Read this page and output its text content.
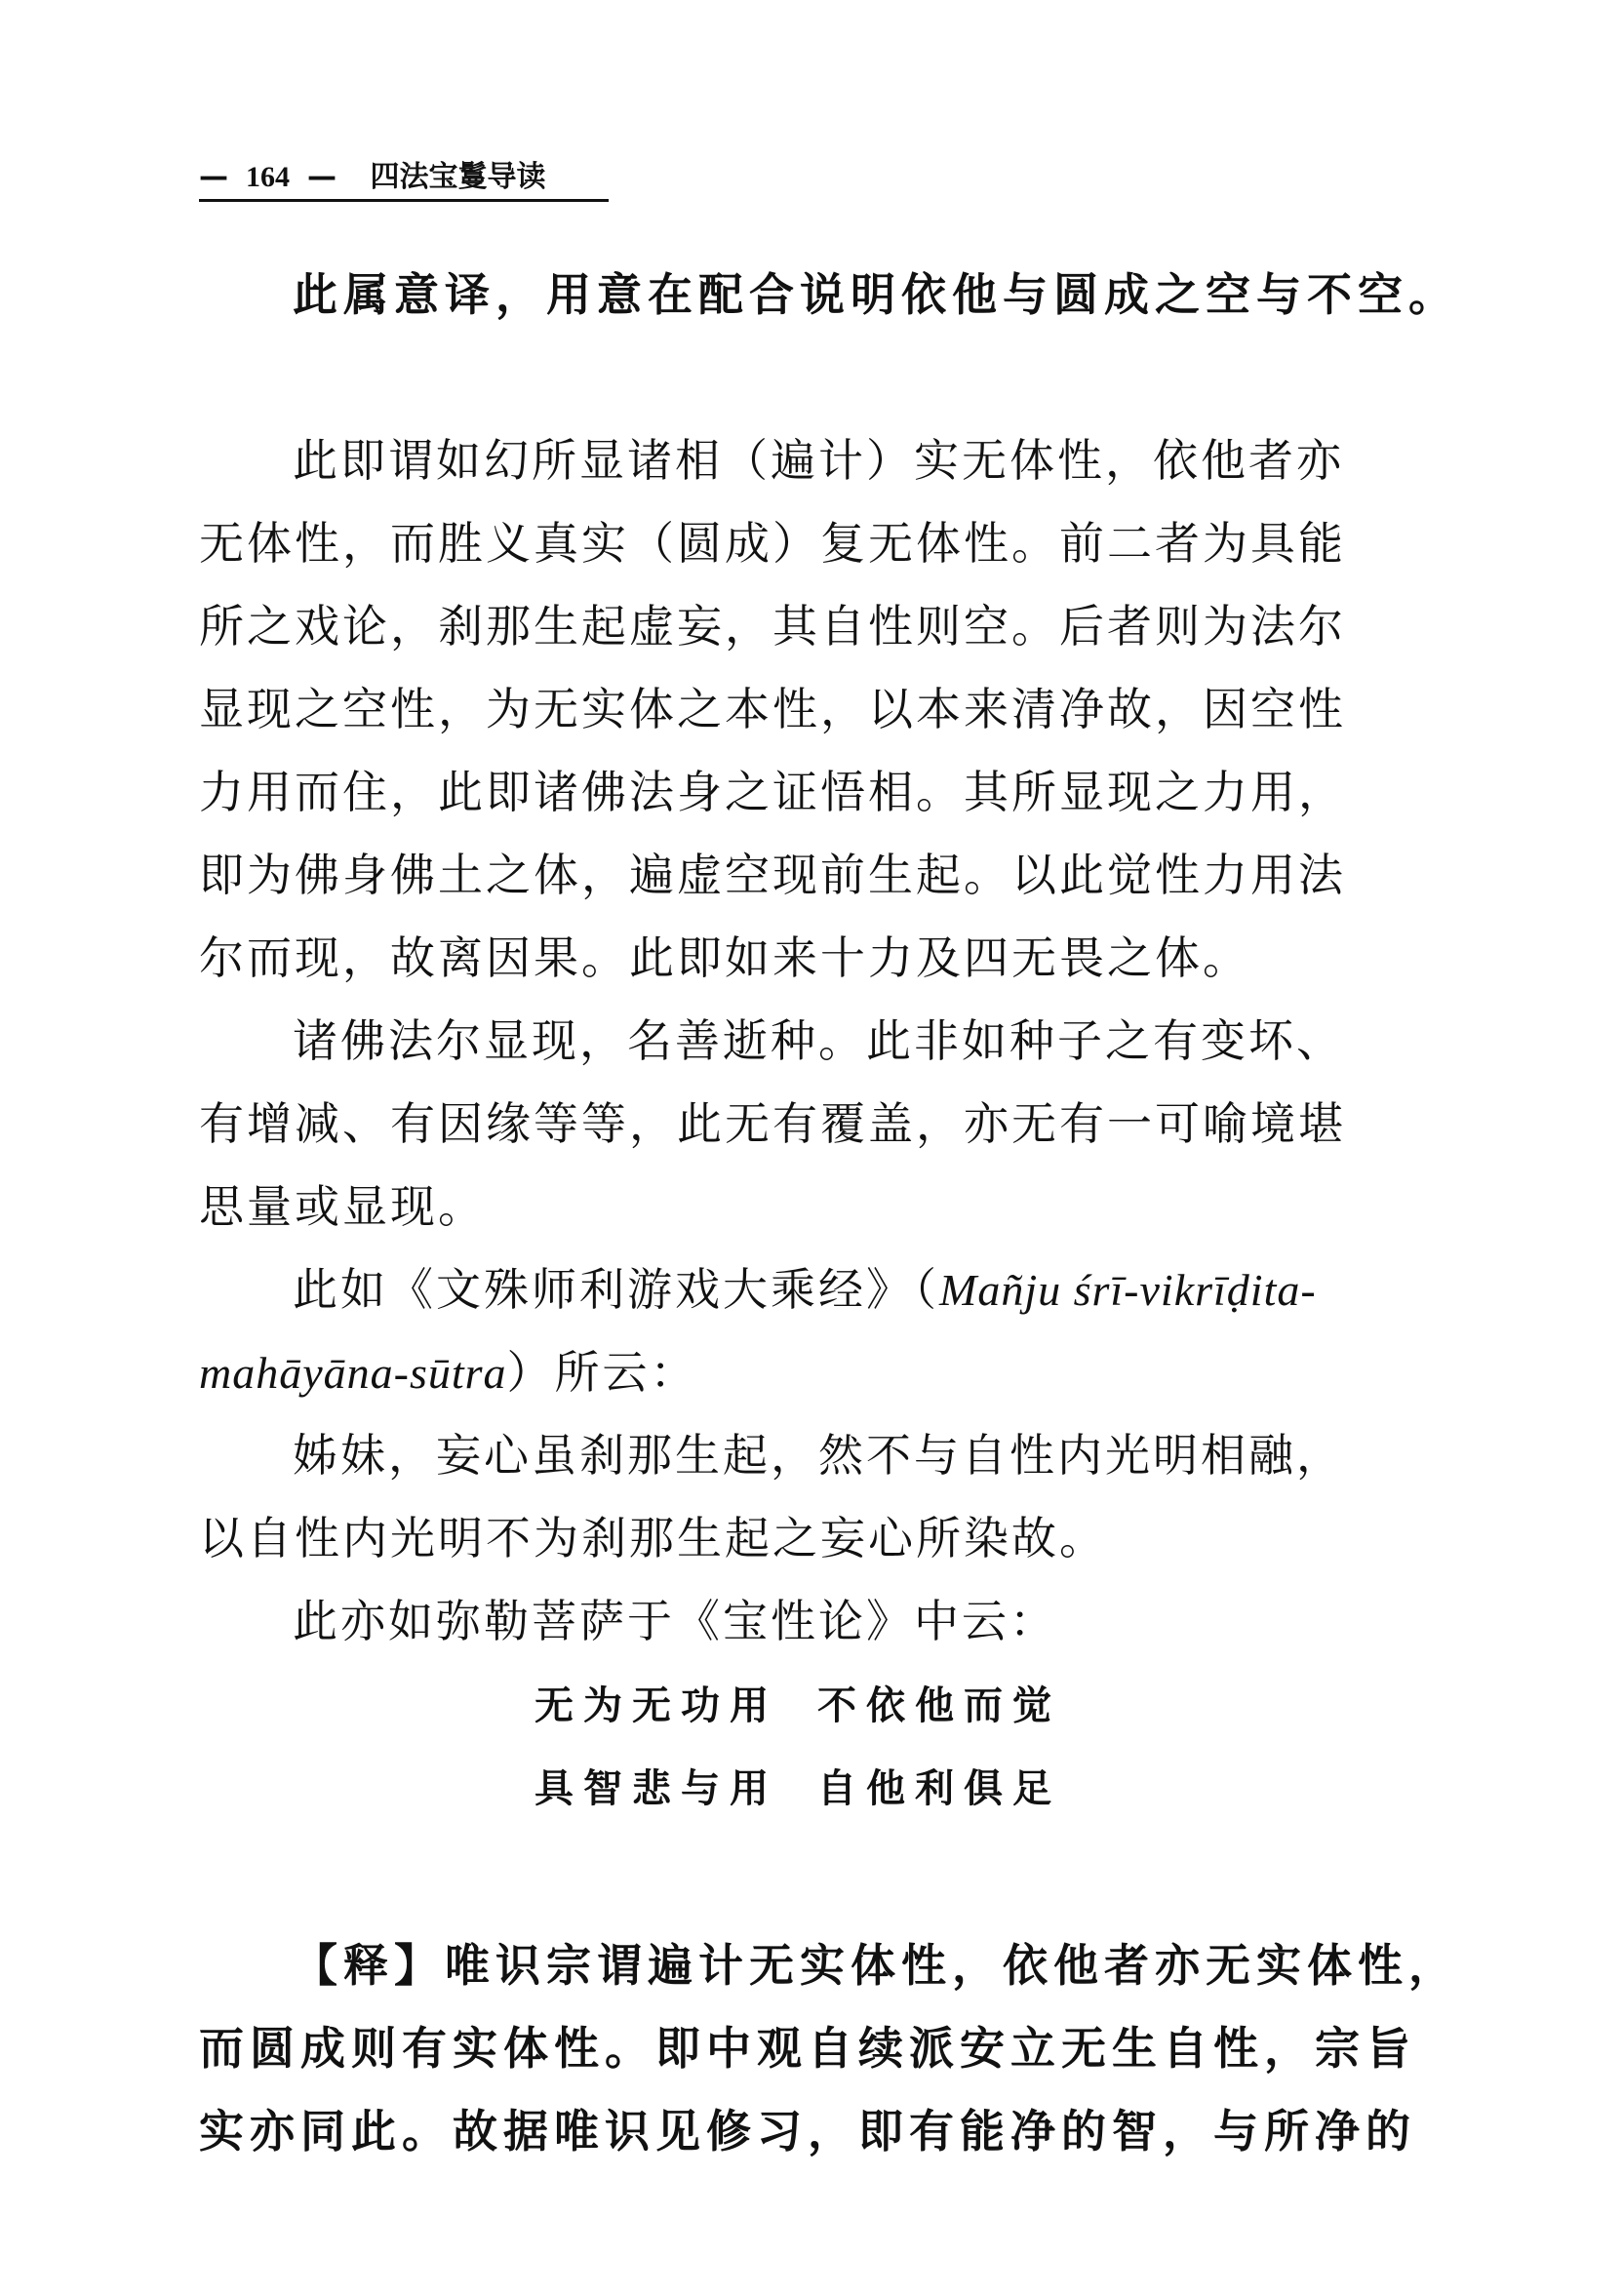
— 164 — 四法宝鬘导读
此属意译，用意在配合说明依他与圆成之空与不空。
此即谓如幻所显诸相（遍计）实无体性，依他者亦
无体性，而胜义真实（圆成）复无体性。前二者为具能
所之戏论，刹那生起虚妄，其自性则空。后者则为法尔
显现之空性，为无实体之本性，以本来清净故，因空性
力用而住，此即诸佛法身之证悟相。其所显现之力用，
即为佛身佛土之体，遍虚空现前生起。以此觉性力用法
尔而现，故离因果。此即如来十力及四无畏之体。
诸佛法尔显现，名善逝种。此非如种子之有变坏、
有增减、有因缘等等，此无有覆盖，亦无有一可喻境堪
思量或显现。
此如《文殊师利游戏大乘经》（Mañju śrī-vikrīḍita-
mahāyāna-sūtra）所云：
姊妹，妄心虽刹那生起，然不与自性内光明相融，
以自性内光明不为刹那生起之妄心所染故。
此亦如弥勒菩萨于《宝性论》中云：
无为无功用 不依他而觉
具智悲与用 自他利俱足
【释】唯识宗谓遍计无实体性，依他者亦无实体性，
而圆成则有实体性。即中观自续派安立无生自性，宗旨
实亦同此。故据唯识见修习，即有能净的智，与所净的
